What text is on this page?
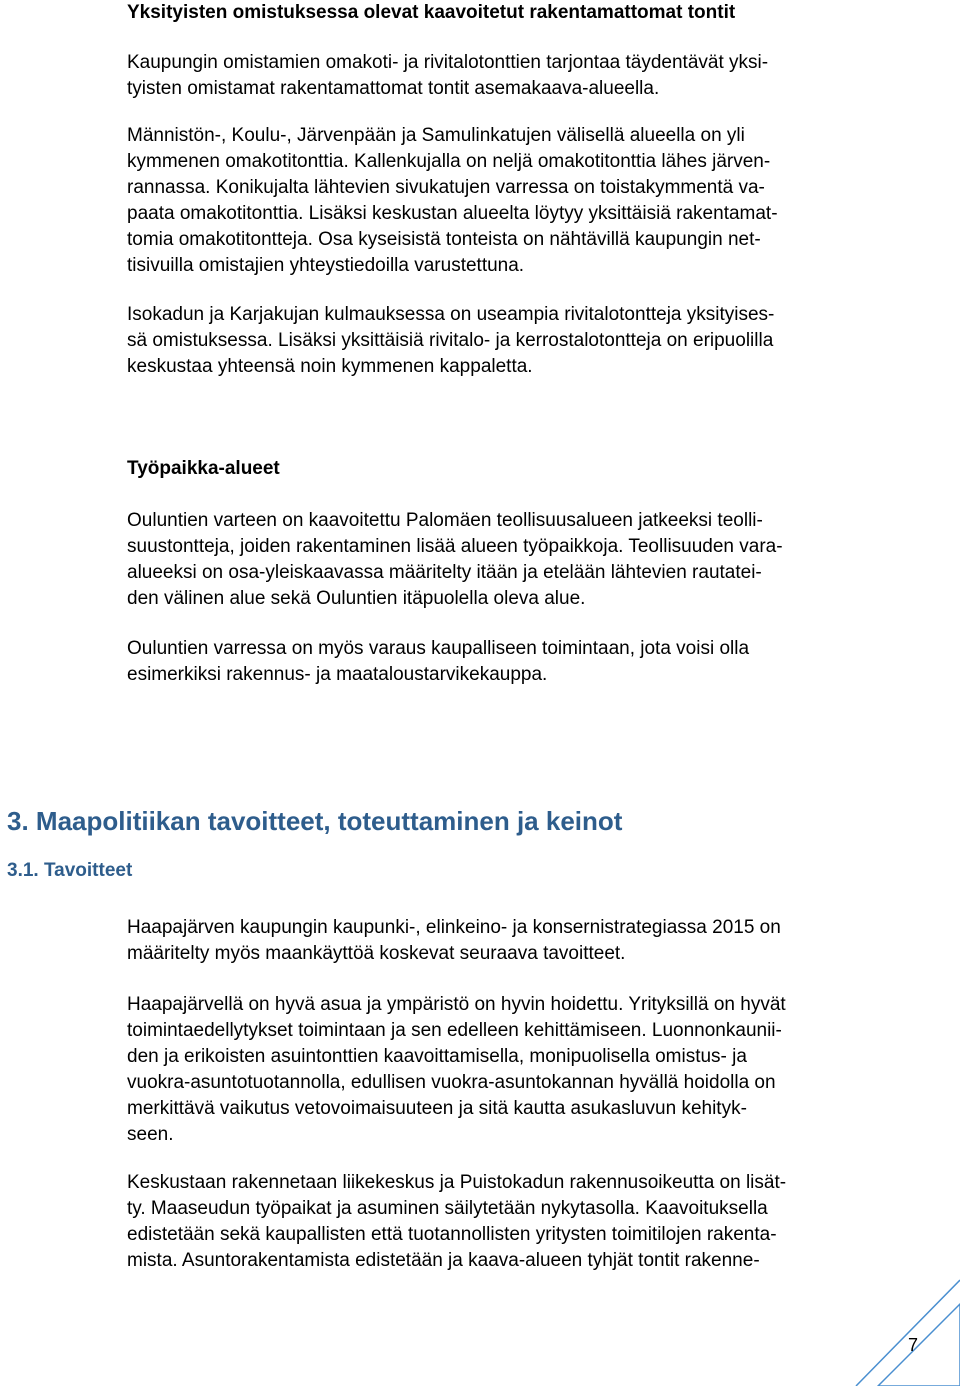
Yksityisten omistuksessa olevat kaavoitetut rakentamattomat tontit

Kaupungin omistamien omakoti- ja rivitalotonttien tarjontaa täydentävät yksi-
tyisten omistamat rakentamattomat tontit asemakaava-alueella.

Männistön-, Koulu-, Järvenpään ja Samulinkatujen välisellä alueella on yli
kymmenen omakotitonttia. Kallenkujalla on neljä omakotitonttia lähes järven-
rannassa. Konikujalta lähtevien sivukatujen varressa on toistakymmentä va-
paata omakotitonttia. Lisäksi keskustan alueelta löytyy yksittäisiä rakentamat-
tomia omakotitontteja. Osa kyseisistä tonteista on nähtävillä kaupungin net-
tisivuilla omistajien yhteystiedoilla varustettuna.

Isokadun ja Karjakujan kulmauksessa on useampia rivitalotontteja yksityises-
sä omistuksessa. Lisäksi yksittäisiä rivitalo- ja kerrostalotontteja on eripuolilla
keskustaa yhteensä noin kymmenen kappaletta.

Työpaikka-alueet

Ouluntien varteen on kaavoitettu Palomäen teollisuusalueen jatkeeksi teolli-
suustontteja, joiden rakentaminen lisää alueen työpaikkoja. Teollisuuden vara-
alueeksi on osa-yleiskaavassa määritelty itään ja etelään lähtevien rautatei-
den välinen alue sekä Ouluntien itäpuolella oleva alue.

Ouluntien varressa on myös varaus kaupalliseen toimintaan, jota voisi olla
esimerkiksi rakennus- ja maataloustarvikekauppa.

3. Maapolitiikan tavoitteet, toteuttaminen ja keinot
3.1. Tavoitteet

Haapajärven kaupungin kaupunki-, elinkeino- ja konsernistrategiassa 2015 on
määritelty myös maankäyttöä koskevat seuraava tavoitteet.

Haapajärvellä on hyvä asua ja ympäristö on hyvin hoidettu. Yrityksillä on hyvät
toimintaedellytykset toimintaan ja sen edelleen kehittämiseen. Luonnonkaunii-
den ja erikoisten asuintonttien kaavoittamisella, monipuolisella omistus- ja
vuokra-asuntotuotannolla, edullisen vuokra-asuntokannan hyvällä hoidolla on
merkittävä vaikutus vetovoimaisuuteen ja sitä kautta asukasluvun kehityk-
seen.

Keskustaan rakennetaan liikekeskus ja Puistokadun rakennusoikeutta on lisät-
ty. Maaseudun työpaikat ja asuminen säilytetään nykytasolla. Kaavoituksella
edistetään sekä kaupallisten että tuotannollisten yritysten toimitilojen rakenta-
mista. Asuntorakentamista edistetään ja kaava-alueen tyhjät tontit rakenne-

7
